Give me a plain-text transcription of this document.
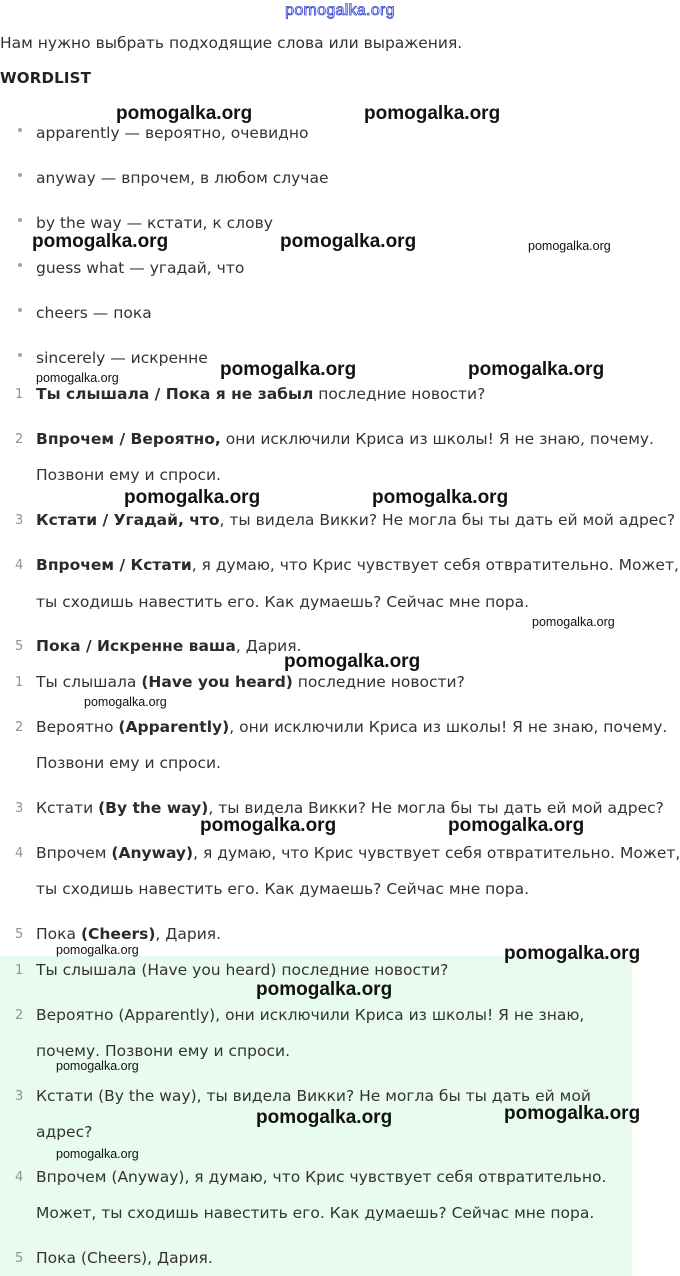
pomogalka.org
Нам нужно выбрать подходящие слова или выражения.
WORDLIST
apparently — вероятно, очевидно
anyway — впрочем, в любом случае
by the way — кстати, к слову
guess what — угадай, что
cheers — пока
sincerely — искренне
1 Ты слышала / Пока я не забыл последние новости?
2 Впрочем / Вероятно, они исключили Криса из школы! Я не знаю, почему.
Позвони ему и спроси.
3 Кстати / Угадай, что, ты видела Викки? Не могла бы ты дать ей мой адрес?
4 Впрочем / Кстати, я думаю, что Крис чувствует себя отвратительно. Может,
ты сходишь навестить его. Как думаешь? Сейчас мне пора.
5 Пока / Искренне ваша, Дария.
1 Ты слышала (Have you heard) последние новости?
2 Вероятно (Apparently), они исключили Криса из школы! Я не знаю, почему.
Позвони ему и спроси.
3 Кстати (By the way), ты видела Викки? Не могла бы ты дать ей мой адрес?
4 Впрочем (Anyway), я думаю, что Крис чувствует себя отвратительно. Может,
ты сходишь навестить его. Как думаешь? Сейчас мне пора.
5 Пока (Cheers), Дария.
1 Ты слышала (Have you heard) последние новости?
2 Вероятно (Apparently), они исключили Криса из школы! Я не знаю,
почему. Позвони ему и спроси.
3 Кстати (By the way), ты видела Викки? Не могла бы ты дать ей мой
адрес?
4 Впрочем (Anyway), я думаю, что Крис чувствует себя отвратительно.
Может, ты сходишь навестить его. Как думаешь? Сейчас мне пора.
5 Пока (Cheers), Дария.
pomogalka.org	pomogalka.org
pomogalka.org	pomogalka.org	pomogalka.org
pomogalka.org	pomogalka.org
pomogalka.org
pomogalka.org	pomogalka.org
pomogalka.org
pomogalka.org
pomogalka.org
pomogalka.org	pomogalka.org
pomogalka.org	pomogalka.org
pomogalka.org
pomogalka.org
pomogalka.org	pomogalka.org
pomogalka.org
